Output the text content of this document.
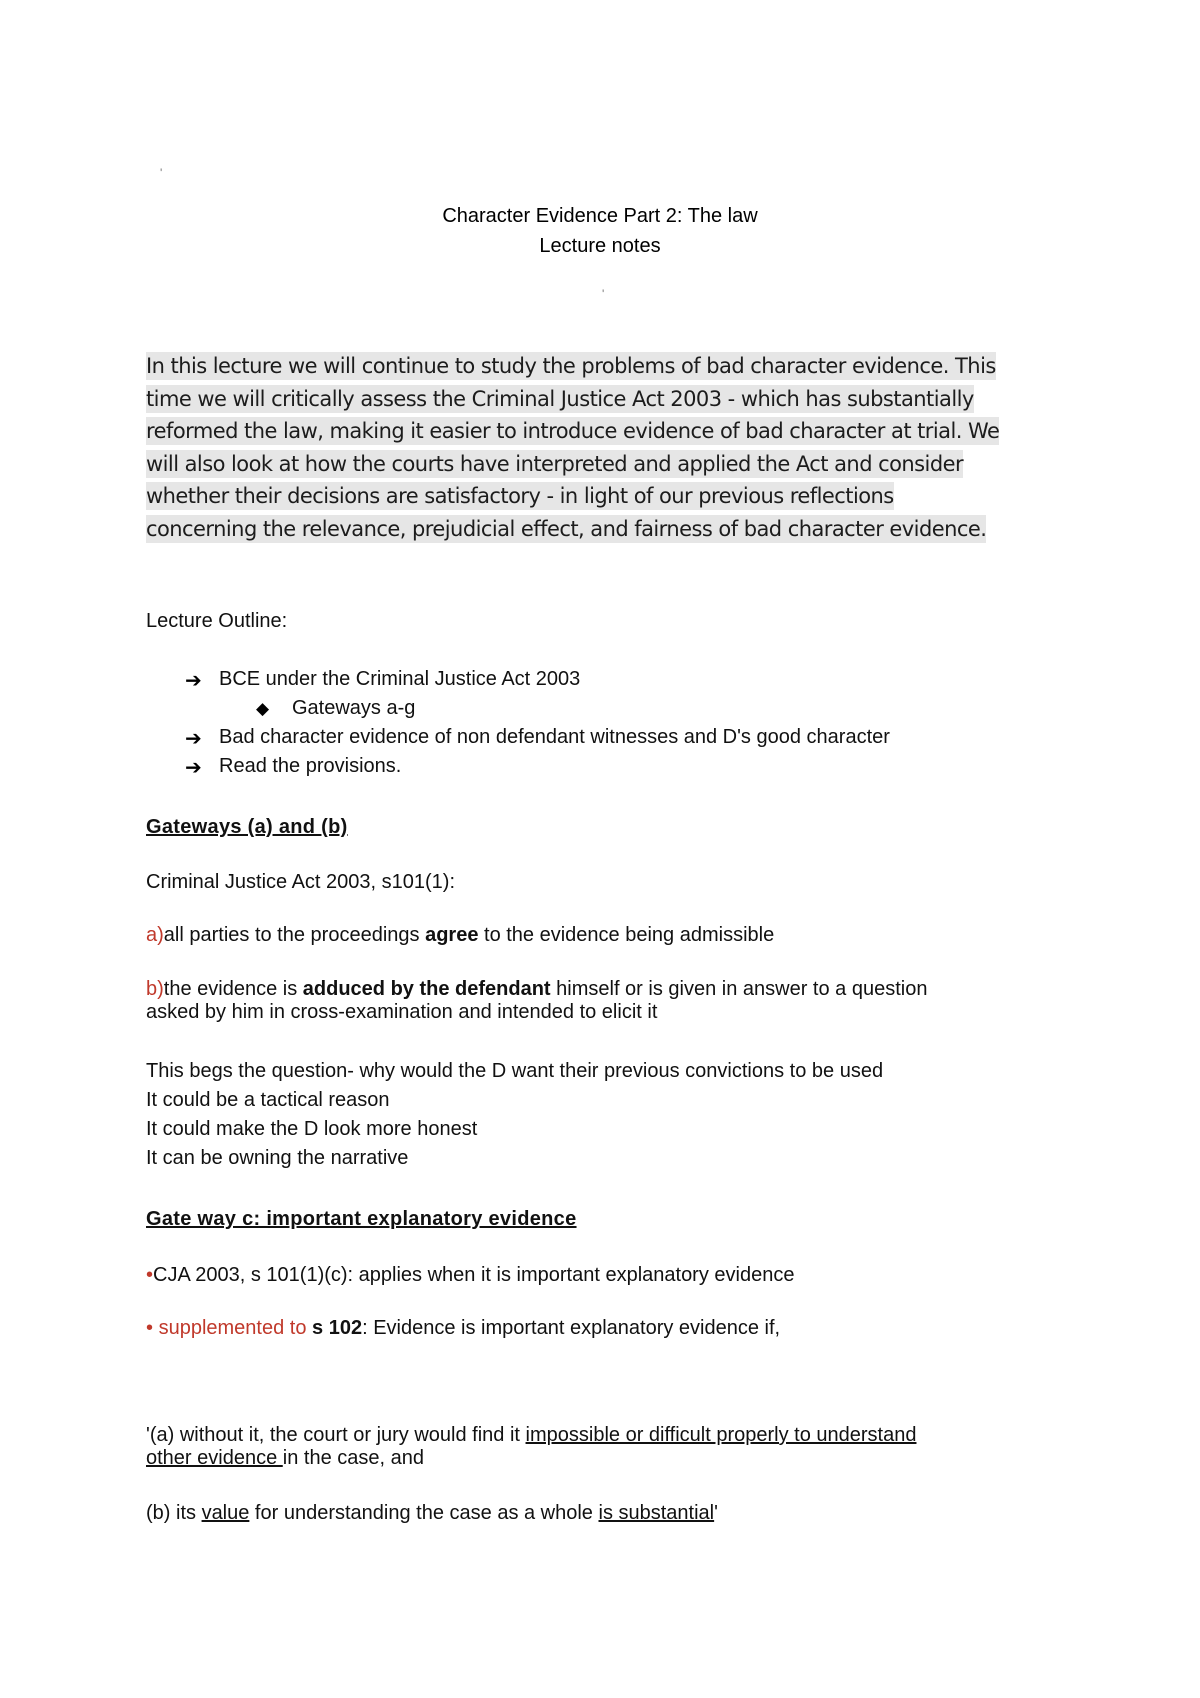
'
Character Evidence Part 2: The law
Lecture notes
'
In this lecture we will continue to study the problems of bad character evidence. This
time we will critically assess the Criminal Justice Act 2003 - which has substantially
reformed the law, making it easier to introduce evidence of bad character at trial. We
will also look at how the courts have interpreted and applied the Act and consider
whether their decisions are satisfactory - in light of our previous reflections
concerning the relevance, prejudicial effect, and fairness of bad character evidence.
Lecture Outline:
➔ BCE under the Criminal Justice Act 2003
◆ Gateways a-g
➔ Bad character evidence of non defendant witnesses and D's good character
➔ Read the provisions.
Gateways (a) and (b)
Criminal Justice Act 2003, s101(1):
a)all parties to the proceedings agree to the evidence being admissible
b)the evidence is adduced by the defendant himself or is given in answer to a question
asked by him in cross-examination and intended to elicit it
This begs the question- why would the D want their previous convictions to be used
It could be a tactical reason
It could make the D look more honest
It can be owning the narrative
Gate way c: important explanatory evidence
•CJA 2003, s 101(1)(c): applies when it is important explanatory evidence
• supplemented to s 102: Evidence is important explanatory evidence if,
'(a) without it, the court or jury would find it impossible or difficult properly to understand
other evidence in the case, and
(b) its value for understanding the case as a whole is substantial'
